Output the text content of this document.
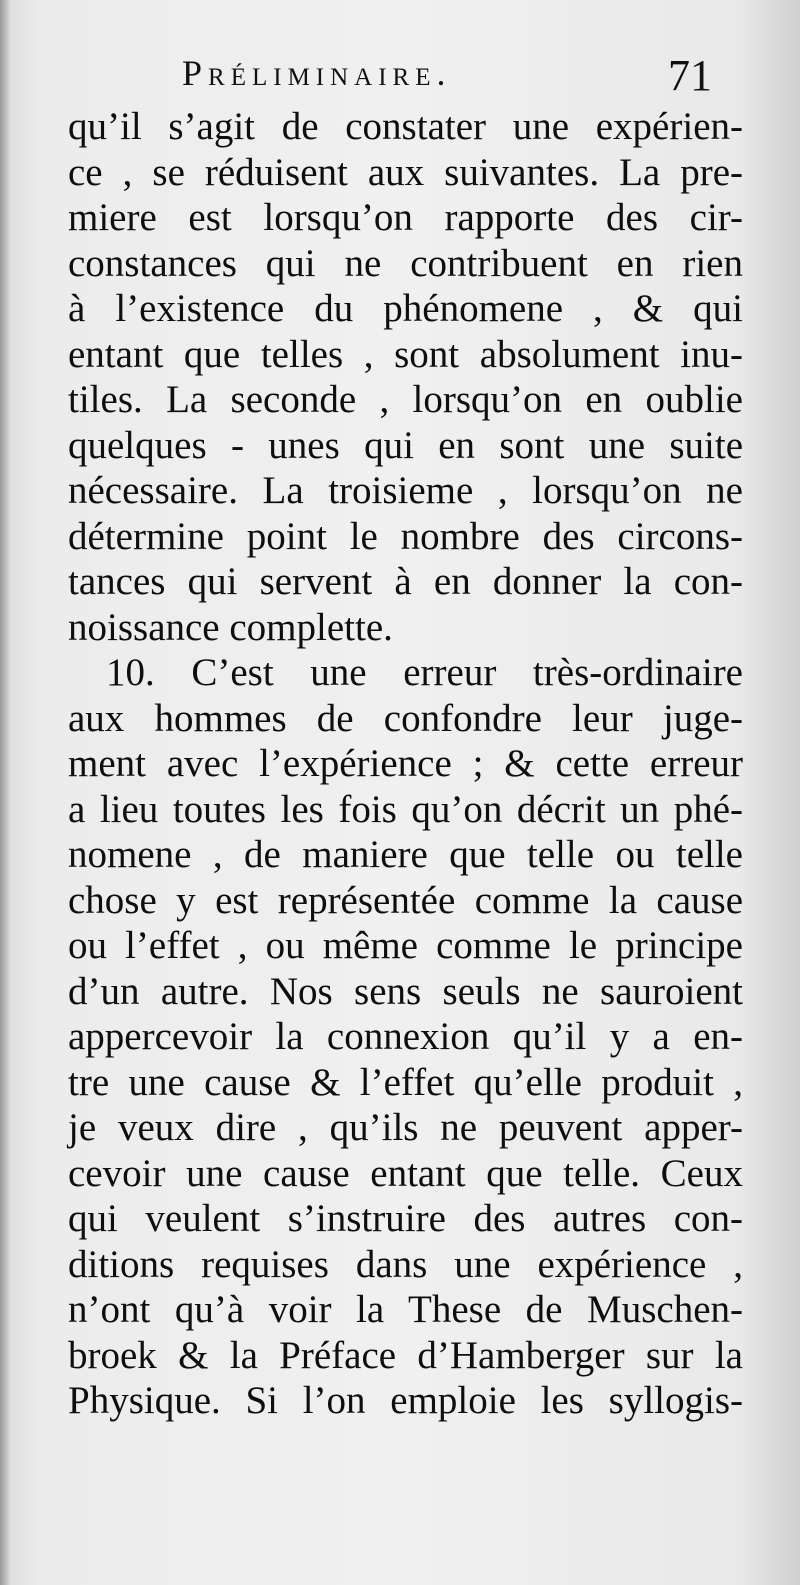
Préliminaire.	71
qu’il s’agit de constater une expérien-
ce , se réduisent aux suivantes. La pre-
miere est lorsqu’on rapporte des cir-
constances qui ne contribuent en rien
à l’existence du phénomene , & qui
entant que telles , sont absolument inu-
tiles. La seconde , lorsqu’on en oublie
quelques - unes qui en sont une suite
nécessaire. La troisieme , lorsqu’on ne
détermine point le nombre des circons-
tances qui servent à en donner la con-
noissance complette.
10. C’est une erreur très-ordinaire
aux hommes de confondre leur juge-
ment avec l’expérience ; & cette erreur
a lieu toutes les fois qu’on décrit un phé-
nomene , de maniere que telle ou telle
chose y est représentée comme la cause
ou l’effet , ou même comme le principe
d’un autre. Nos sens seuls ne sauroient
appercevoir la connexion qu’il y a en-
tre une cause & l’effet qu’elle produit ,
je veux dire , qu’ils ne peuvent apper-
cevoir une cause entant que telle. Ceux
qui veulent s’instruire des autres con-
ditions requises dans une expérience ,
n’ont qu’à voir la These de Muschen-
broek & la Préface d’Hamberger sur la
Physique. Si l’on emploie les syllogis-
